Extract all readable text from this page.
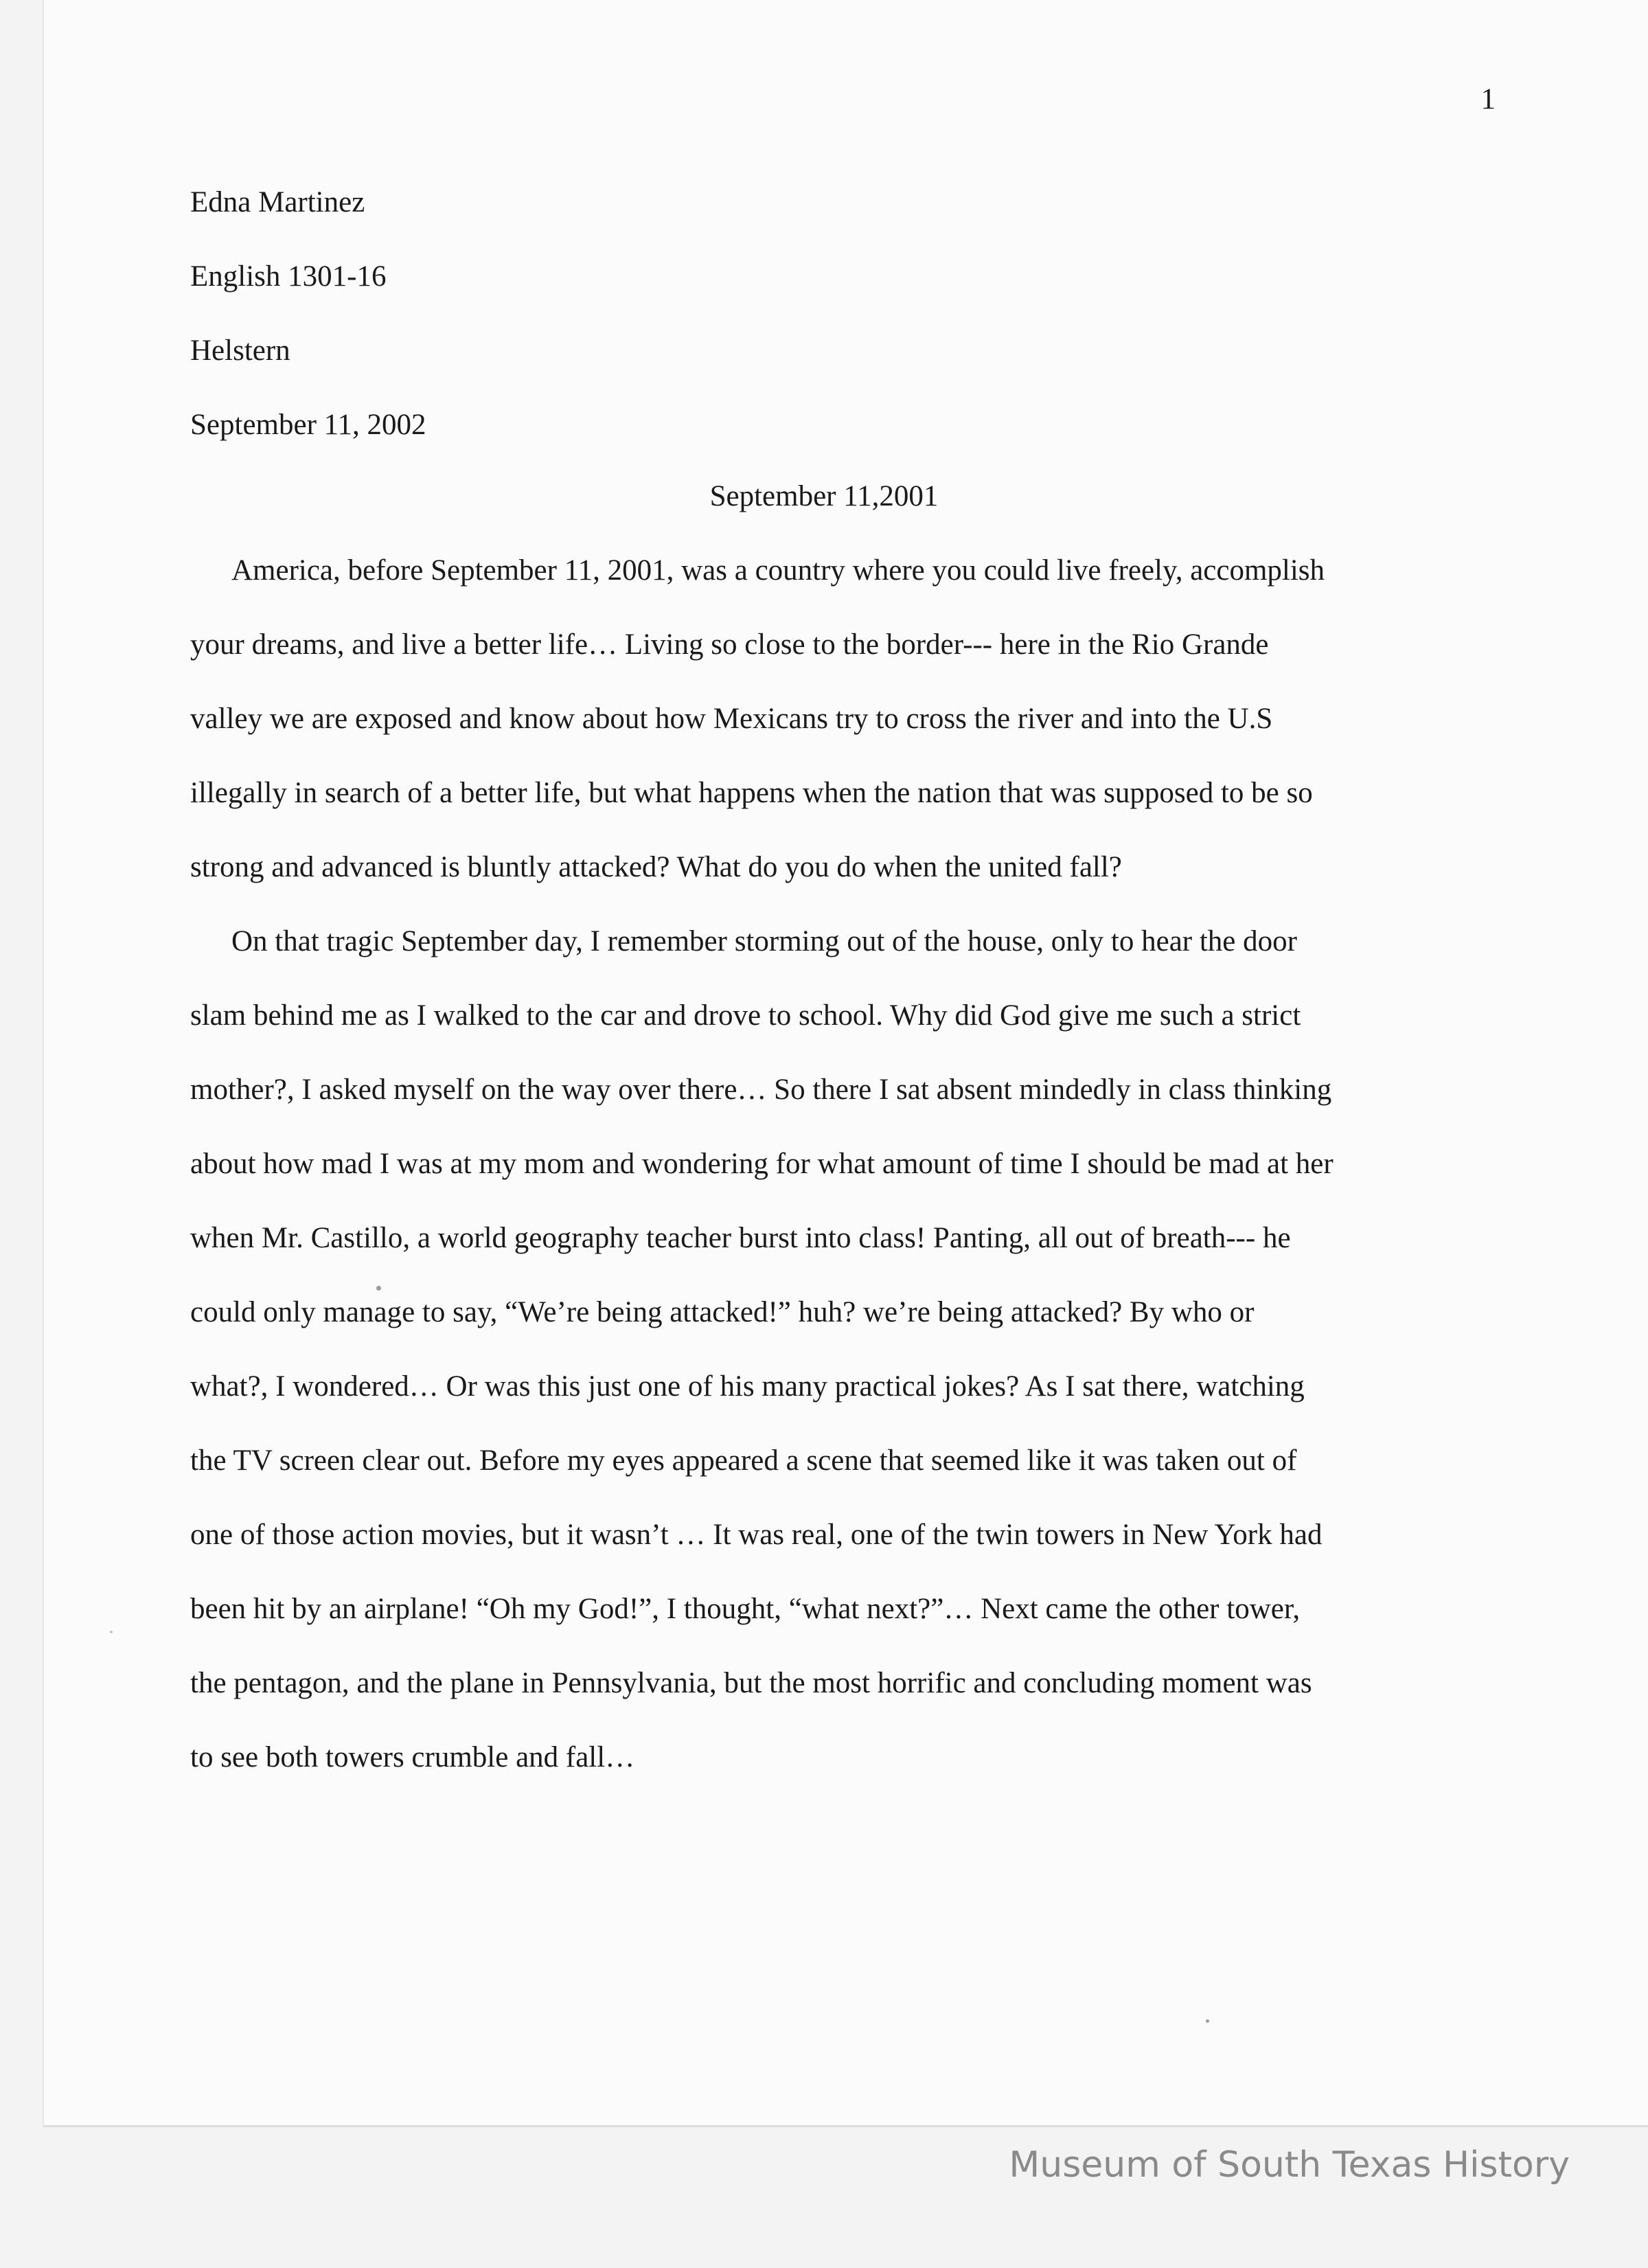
1
Edna Martinez
English 1301-16
Helstern
September 11, 2002
September 11,2001
America, before September 11, 2001, was a country where you could live freely, accomplish
your dreams, and live a better life… Living so close to the border--- here in the Rio Grande
valley we are exposed and know about how Mexicans try to cross the river and into the U.S
illegally in search of a better life, but what happens when the nation that was supposed to be so
strong and advanced is bluntly attacked? What do you do when the united fall?
On that tragic September day, I remember storming out of the house, only to hear the door
slam behind me as I walked to the car and drove to school. Why did God give me such a strict
mother?, I asked myself on the way over there… So there I sat absent mindedly in class thinking
about how mad I was at my mom and wondering for what amount of time I should be mad at her
when Mr. Castillo, a world geography teacher burst into class! Panting, all out of breath--- he
could only manage to say, “We’re being attacked!” huh? we’re being attacked? By who or
what?, I wondered… Or was this just one of his many practical jokes? As I sat there, watching
the TV screen clear out. Before my eyes appeared a scene that seemed like it was taken out of
one of those action movies, but it wasn’t … It was real, one of the twin towers in New York had
been hit by an airplane! “Oh my God!”, I thought, “what next?”… Next came the other tower,
the pentagon, and the plane in Pennsylvania, but the most horrific and concluding moment was
to see both towers crumble and fall…
Museum of South Texas History
